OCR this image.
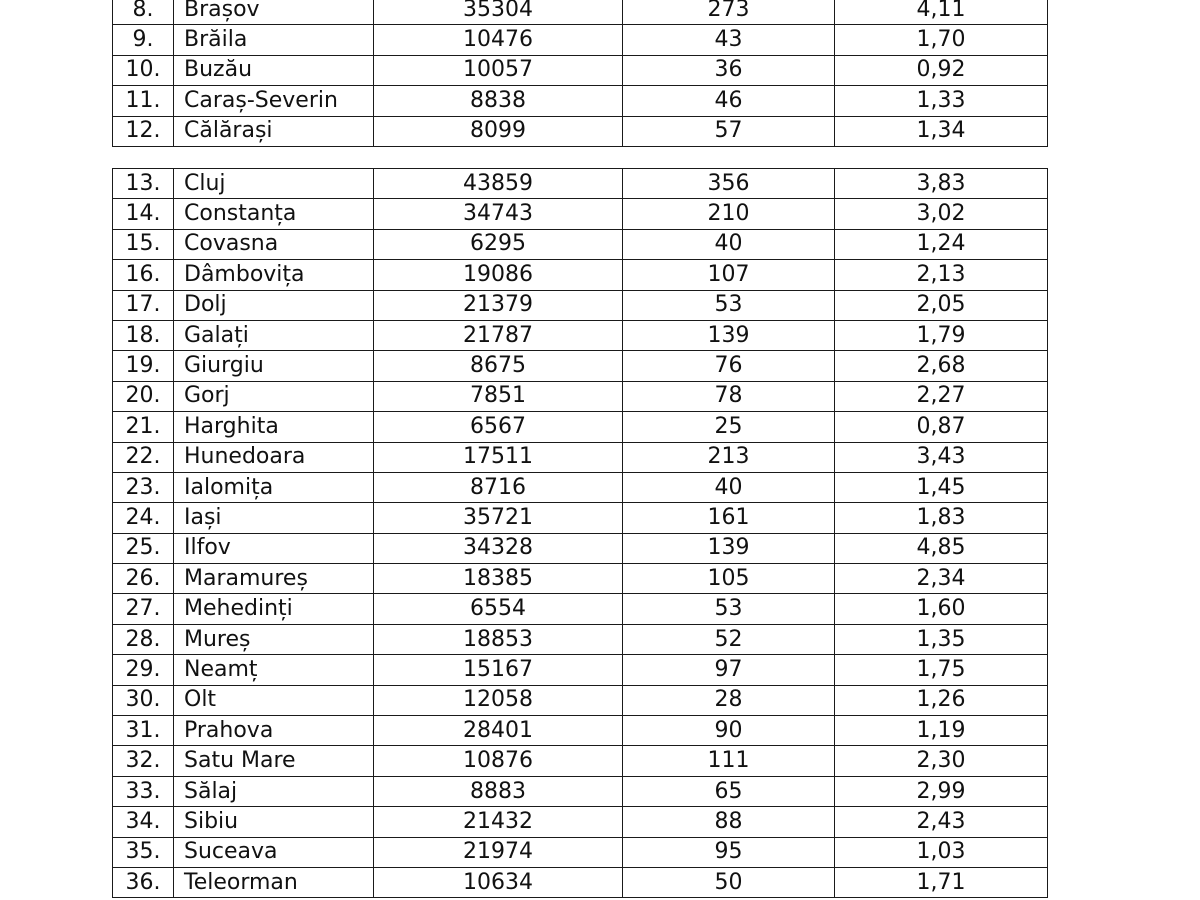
8.	Brașov	35304	273	4,11
9.	Brăila	10476	43	1,70
10.	Buzău	10057	36	0,92
11.	Caraș-Severin	8838	46	1,33
12.	Călărași	8099	57	1,34
13.	Cluj	43859	356	3,83
14.	Constanța	34743	210	3,02
15.	Covasna	6295	40	1,24
16.	Dâmbovița	19086	107	2,13
17.	Dolj	21379	53	2,05
18.	Galați	21787	139	1,79
19.	Giurgiu	8675	76	2,68
20.	Gorj	7851	78	2,27
21.	Harghita	6567	25	0,87
22.	Hunedoara	17511	213	3,43
23.	Ialomița	8716	40	1,45
24.	Iași	35721	161	1,83
25.	Ilfov	34328	139	4,85
26.	Maramureș	18385	105	2,34
27.	Mehedinți	6554	53	1,60
28.	Mureș	18853	52	1,35
29.	Neamț	15167	97	1,75
30.	Olt	12058	28	1,26
31.	Prahova	28401	90	1,19
32.	Satu Mare	10876	111	2,30
33.	Sălaj	8883	65	2,99
34.	Sibiu	21432	88	2,43
35.	Suceava	21974	95	1,03
36.	Teleorman	10634	50	1,71
